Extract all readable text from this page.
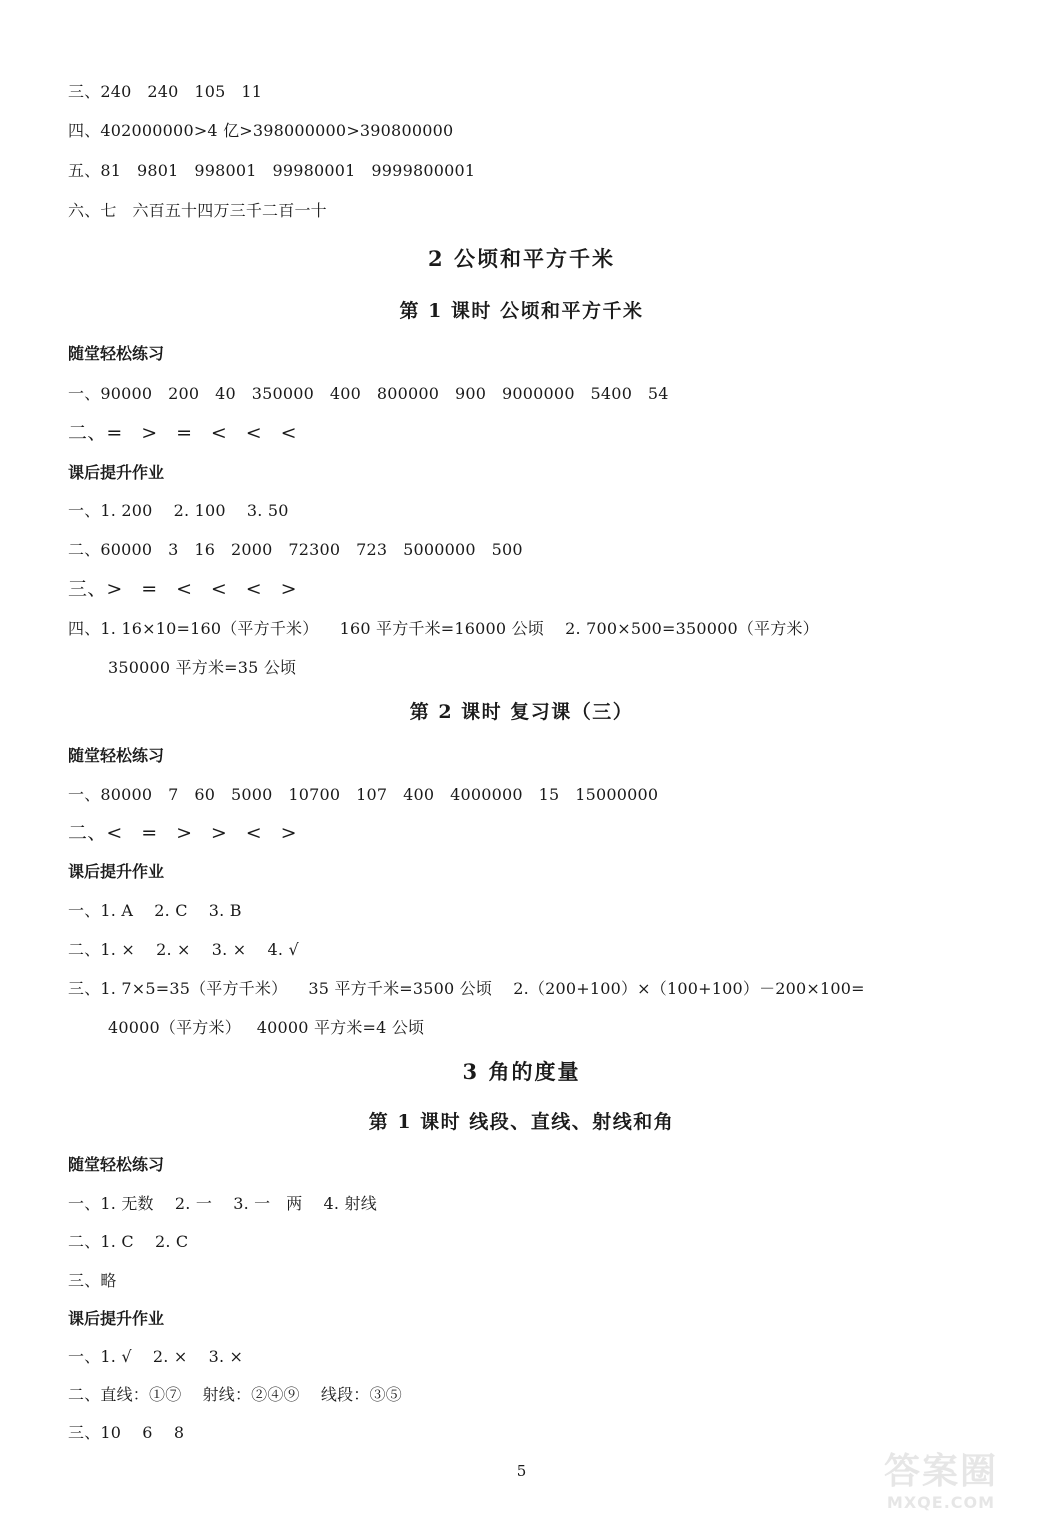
三、240   240   105   11
四、402000000>4 亿>398000000>390800000
五、81   9801   998001   99980001   9999800001
六、七   六百五十四万三千二百一十
2 公顷和平方千米
第 1 课时 公顷和平方千米
随堂轻松练习
一、90000   200   40   350000   400   800000   900   9000000   5400   54
二、=   >   =   <   <   <
课后提升作业
一、1. 200    2. 100    3. 50
二、60000   3   16   2000   72300   723   5000000   500
三、>   =   <   <   <   >
四、1. 16×10=160（平方千米）    160 平方千米=16000 公顷    2. 700×500=350000（平方米）
350000 平方米=35 公顷
第 2 课时 复习课（三）
随堂轻松练习
一、80000   7   60   5000   10700   107   400   4000000   15   15000000
二、<   =   >   >   <   >
课后提升作业
一、1. A    2. C    3. B
二、1. ×    2. ×    3. ×    4. √
三、1. 7×5=35（平方千米）    35 平方千米=3500 公顷    2.（200+100）×（100+100）－200×100=
40000（平方米）   40000 平方米=4 公顷
3 角的度量
第 1 课时 线段、直线、射线和角
随堂轻松练习
一、1. 无数    2. 一    3. 一   两    4. 射线
二、1. C    2. C
三、略
课后提升作业
一、1. √    2. ×    3. ×
二、直线：①⑦    射线：②④⑨    线段：③⑤
三、10    6    8
5	答案圈
MXQE.COM
